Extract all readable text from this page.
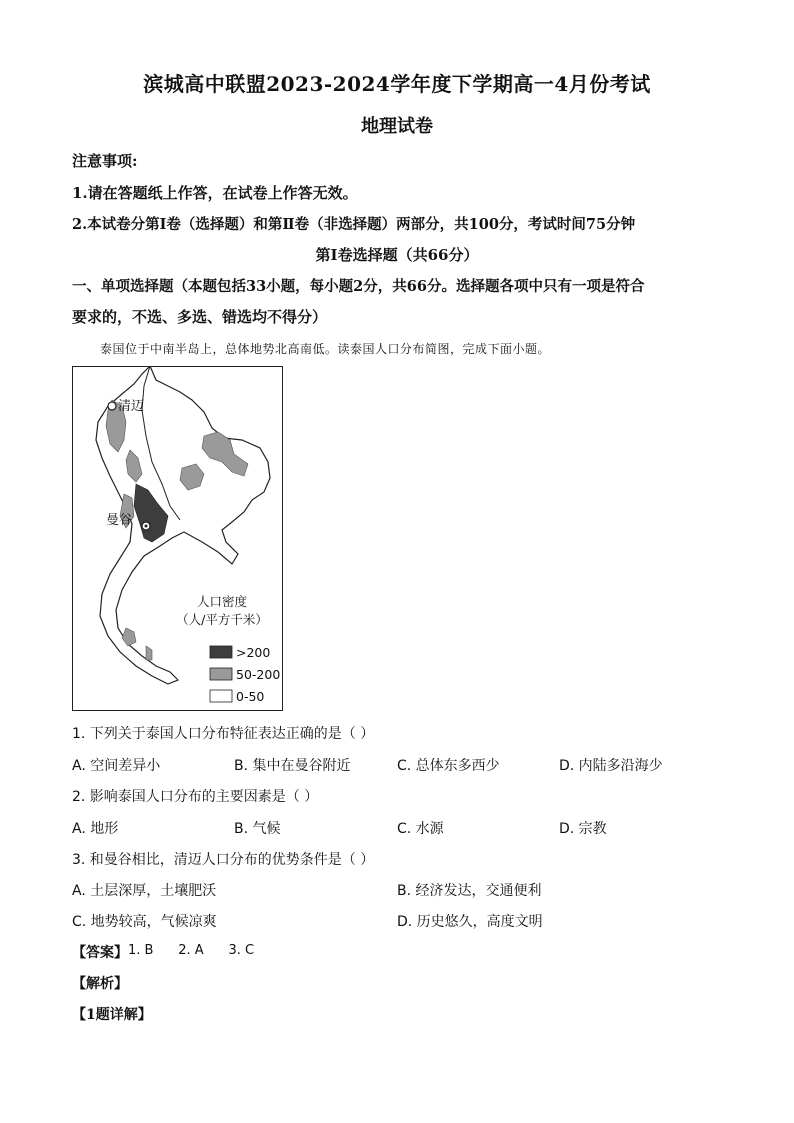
滨城高中联盟2023-2024学年度下学期高一4月份考试
地理试卷
注意事项:
1.请在答题纸上作答，在试卷上作答无效。
2.本试卷分第Ⅰ卷（选择题）和第Ⅱ卷（非选择题）两部分，共100分，考试时间75分钟
第Ⅰ卷选择题（共66分）
一、单项选择题（本题包括33小题，每小题2分，共66分。选择题各项中只有一项是符合
要求的，不选、多选、错选均不得分）
泰国位于中南半岛上，总体地势北高南低。读泰国人口分布简图，完成下面小题。
清迈
曼谷
人口密度
（人/平方千米）
>200
50-200
0-50
1. 下列关于泰国人口分布特征表达正确的是（ ）
A. 空间差异小	B. 集中在曼谷附近	C. 总体东多西少	D. 内陆多沿海少
2. 影响泰国人口分布的主要因素是（ ）
A. 地形	B. 气候	C. 水源	D. 宗教
3. 和曼谷相比，清迈人口分布的优势条件是（ ）
A. 土层深厚，土壤肥沃	B. 经济发达，交通便利
C. 地势较高，气候凉爽	D. 历史悠久，高度文明
【答案】 1. B      2. A      3. C
【解析】
【1题详解】
